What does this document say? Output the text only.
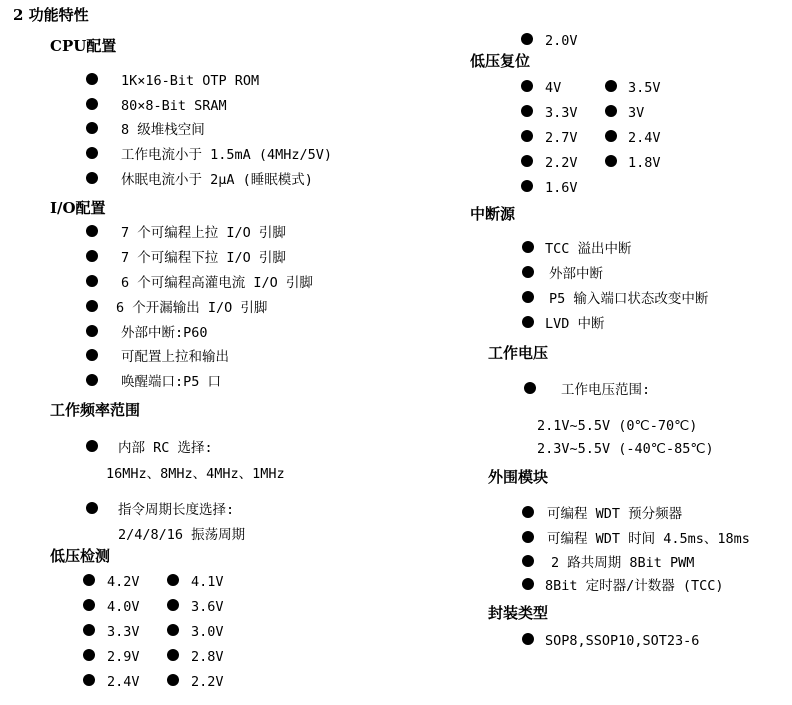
2 功能特性
CPU配置
1K×16-Bit OTP ROM
80×8-Bit SRAM
8 级堆栈空间
工作电流小于 1.5mA (4MHz/5V)
休眠电流小于 2μA (睡眠模式)
I/O配置
7 个可编程上拉 I/O 引脚
7 个可编程下拉 I/O 引脚
6 个可编程高灌电流 I/O 引脚
6 个开漏输出 I/O 引脚
外部中断:P60
可配置上拉和输出
唤醒端口:P5 口
工作频率范围
内部 RC 选择:
16MHz、8MHz、4MHz、1MHz
指令周期长度选择:
2/4/8/16 振荡周期
低压检测
4.2V	4.1V
4.0V	3.6V
3.3V	3.0V
2.9V	2.8V
2.4V	2.2V
2.0V
低压复位
4V	3.5V
3.3V	3V
2.7V	2.4V
2.2V	1.8V
1.6V
中断源
TCC 溢出中断
外部中断
P5 输入端口状态改变中断
LVD 中断
工作电压
工作电压范围:
2.1V~5.5V (0℃-70℃)
2.3V~5.5V (-40℃-85℃)
外围模块
可编程 WDT 预分频器
可编程 WDT 时间 4.5ms、18ms
2 路共周期 8Bit PWM
8Bit 定时器/计数器 (TCC)
封装类型
SOP8,SSOP10,SOT23-6
